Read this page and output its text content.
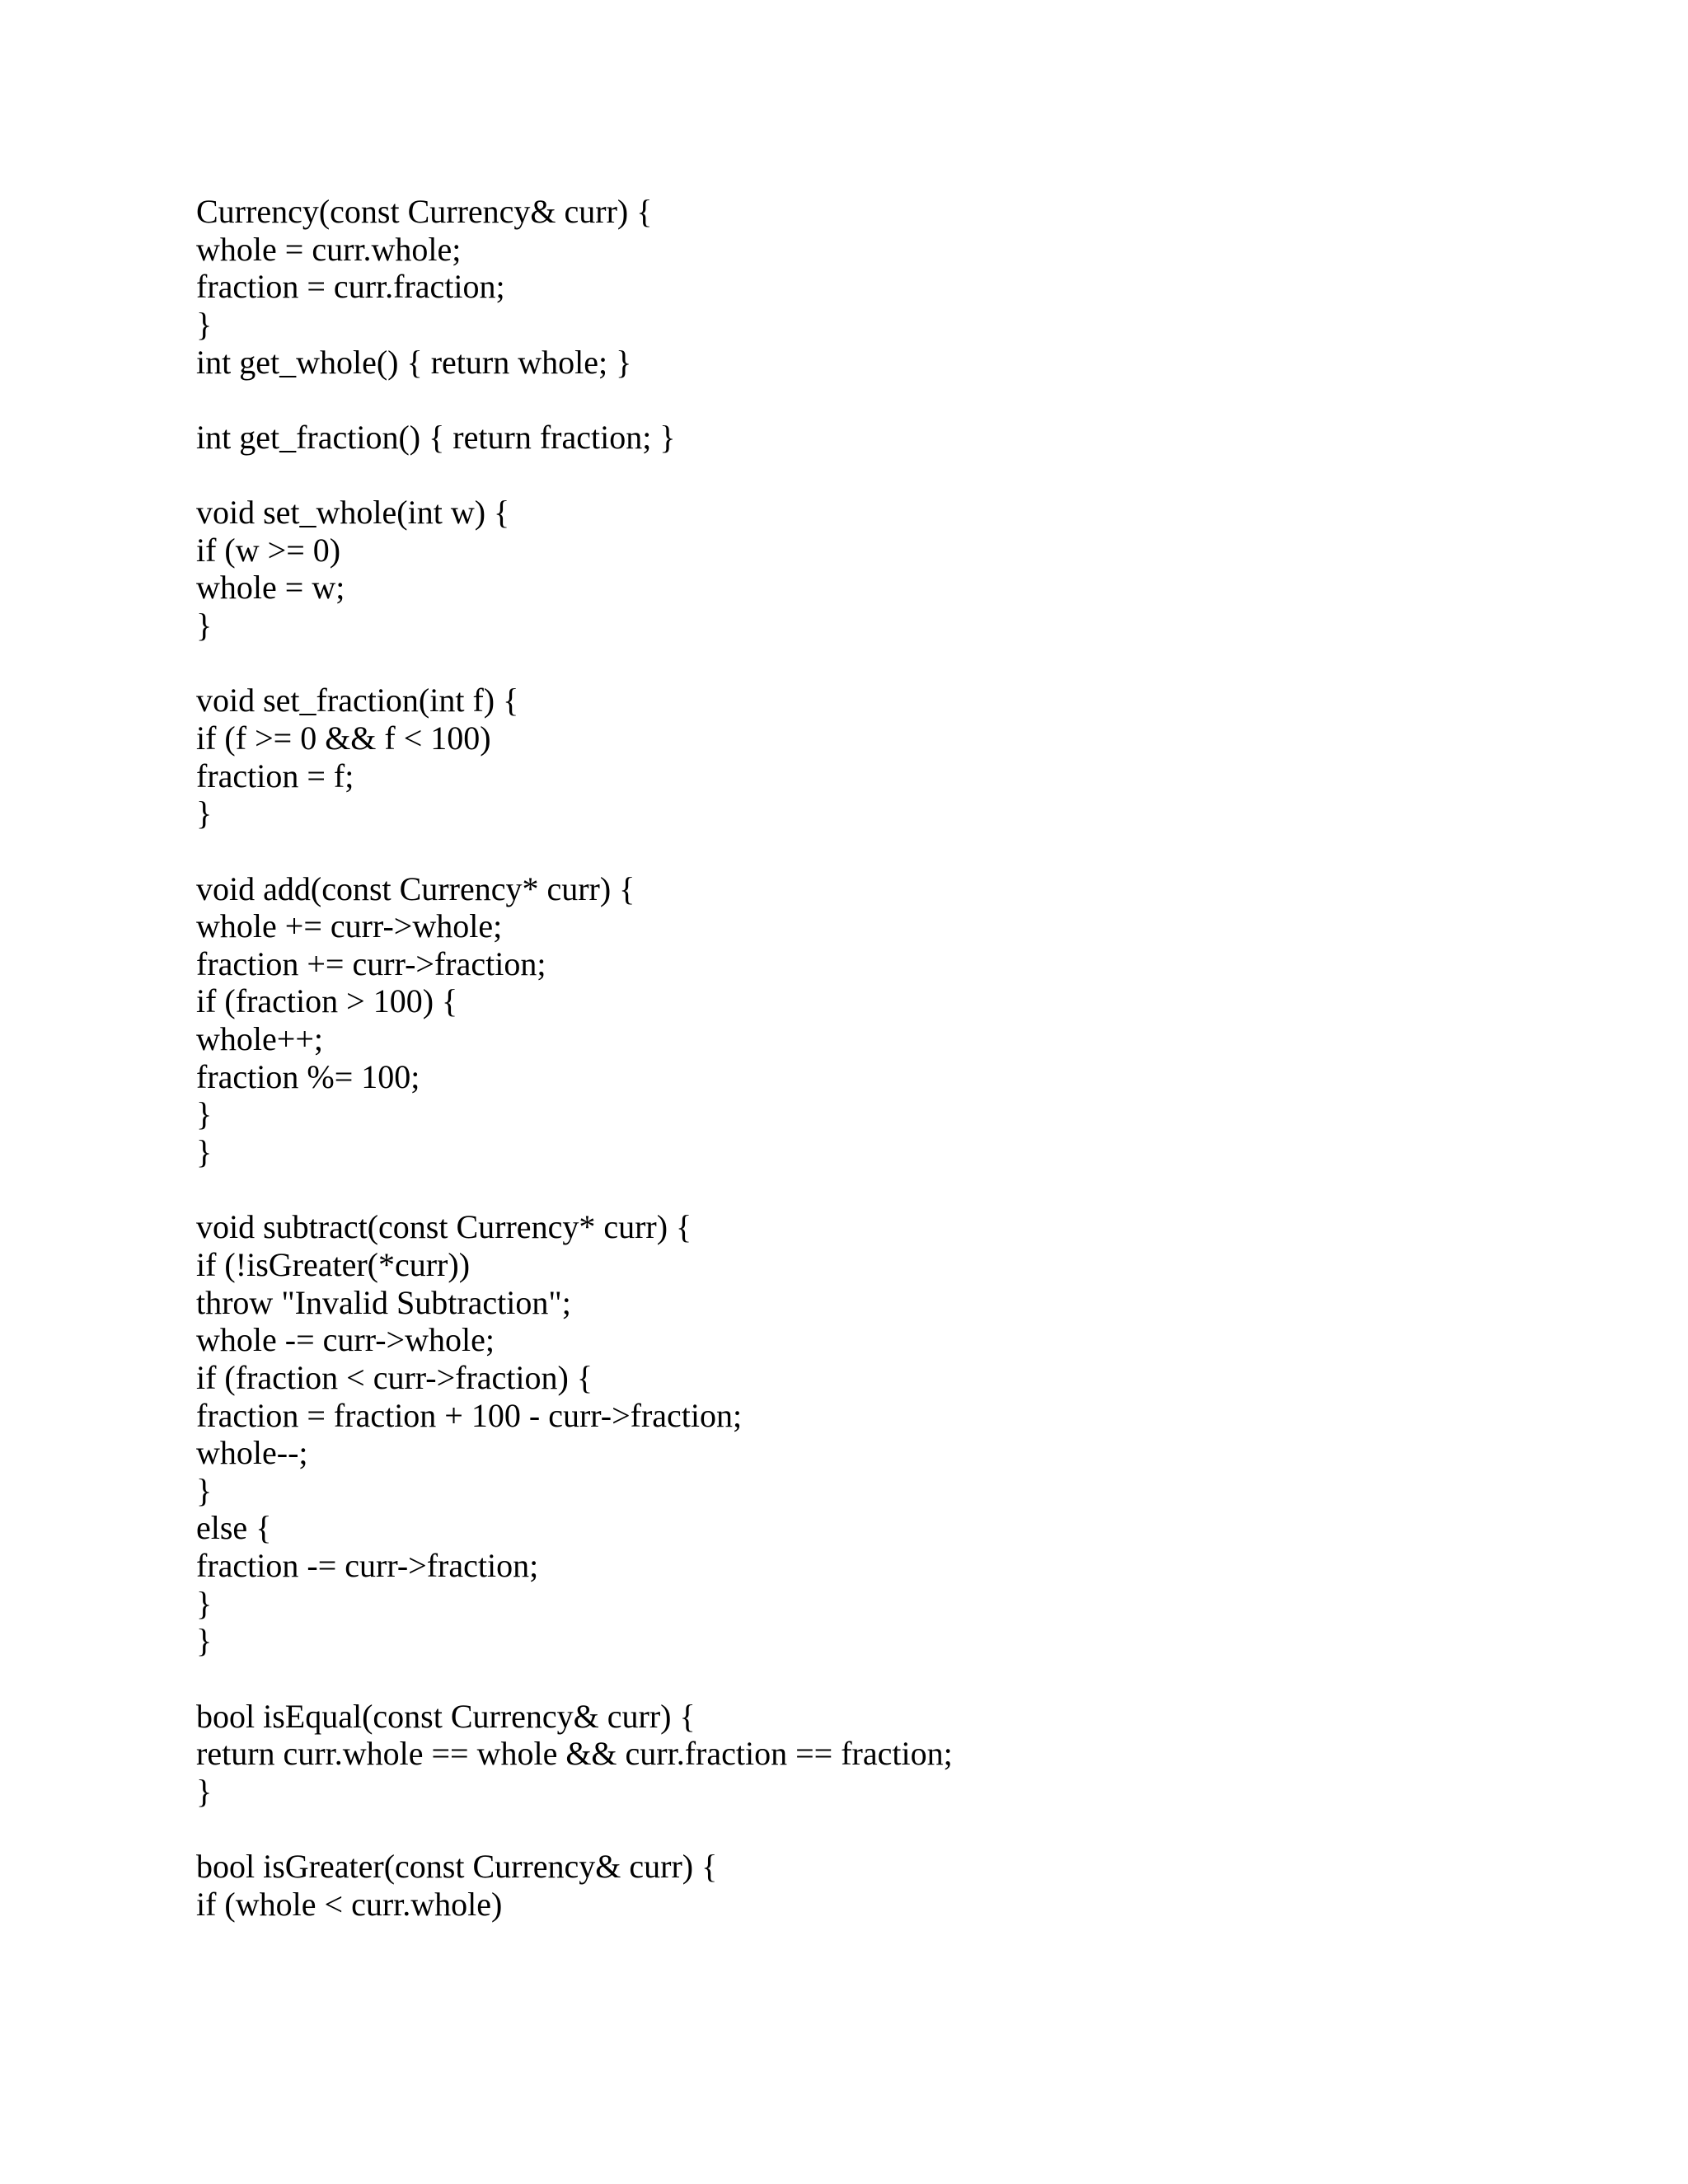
Currency(const Currency& curr) {
whole = curr.whole;
fraction = curr.fraction;
}
int get_whole() { return whole; }
int get_fraction() { return fraction; }
void set_whole(int w) {
if (w >= 0)
whole = w;
}
void set_fraction(int f) {
if (f >= 0 && f < 100)
fraction = f;
}
void add(const Currency* curr) {
whole += curr->whole;
fraction += curr->fraction;
if (fraction > 100) {
whole++;
fraction %= 100;
}
}
void subtract(const Currency* curr) {
if (!isGreater(*curr))
throw "Invalid Subtraction";
whole -= curr->whole;
if (fraction < curr->fraction) {
fraction = fraction + 100 - curr->fraction;
whole--;
}
else {
fraction -= curr->fraction;
}
}
bool isEqual(const Currency& curr) {
return curr.whole == whole && curr.fraction == fraction;
}
bool isGreater(const Currency& curr) {
if (whole < curr.whole)
